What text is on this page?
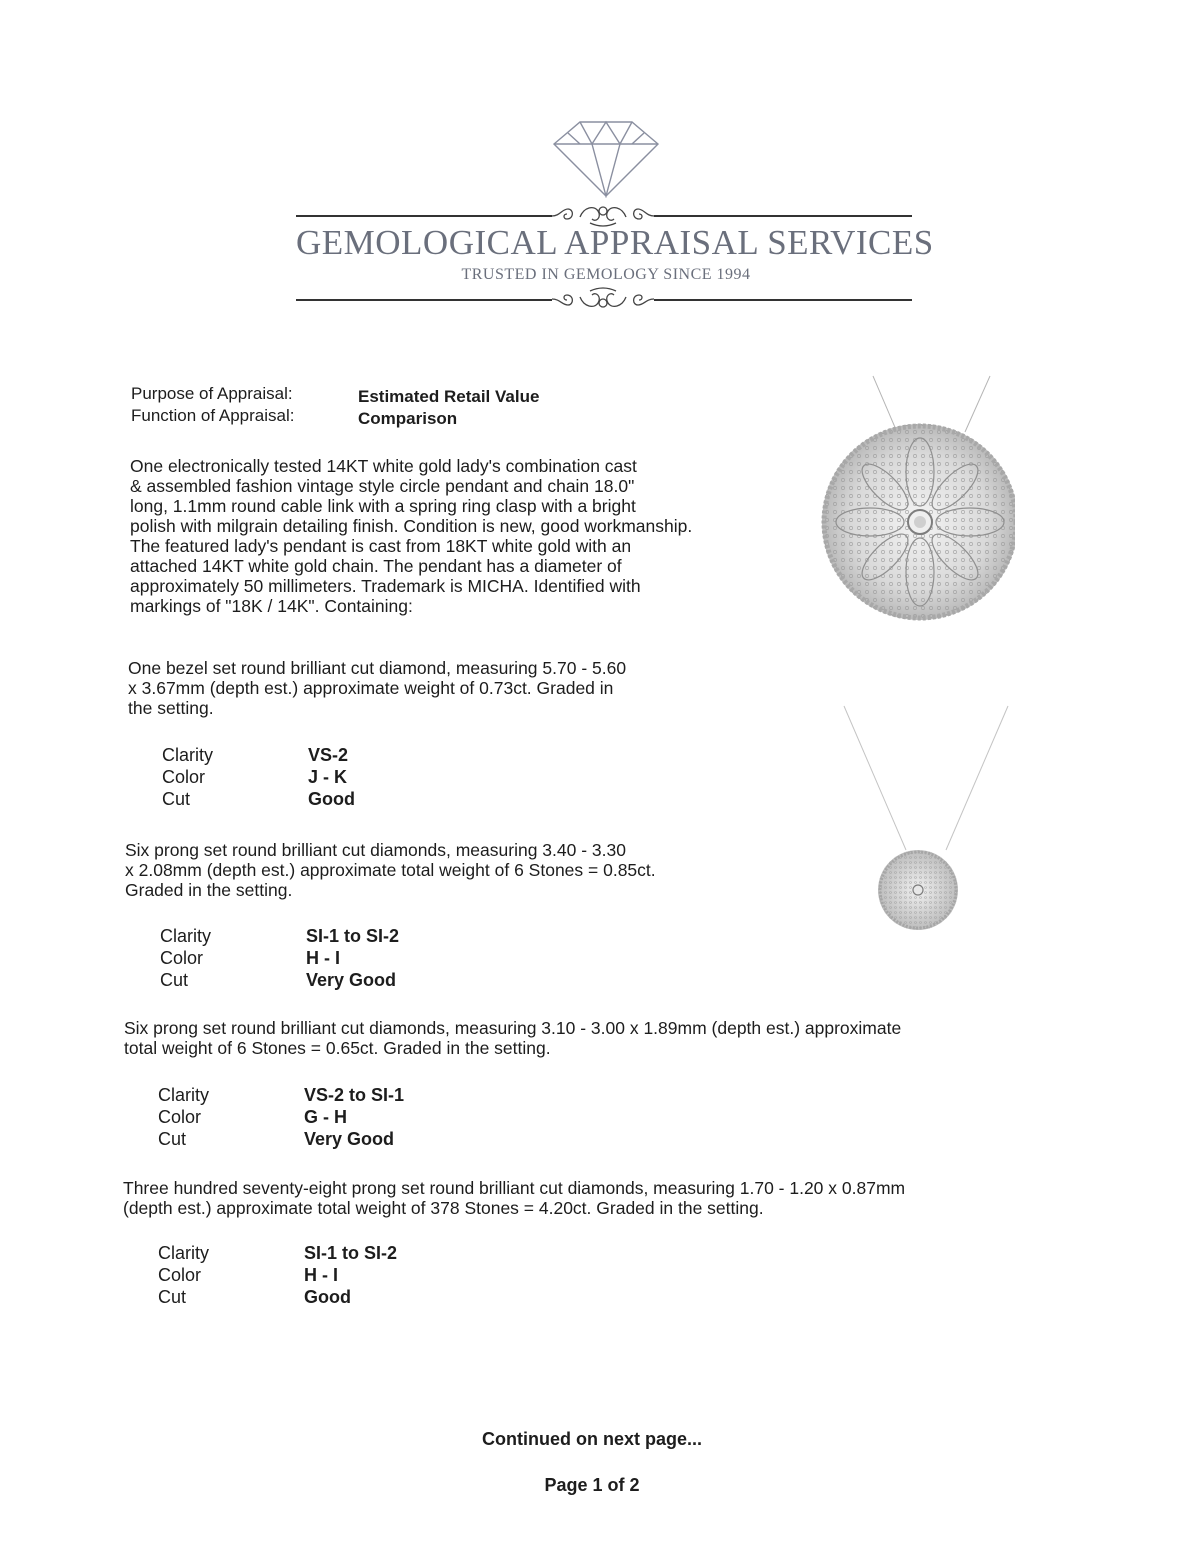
GEMOLOGICAL APPRAISAL SERVICES
TRUSTED IN GEMOLOGY SINCE 1994
Purpose of Appraisal:	Estimated Retail Value
Function of Appraisal:	Comparison

One electronically tested 14KT white gold lady's combination cast

& assembled fashion vintage style circle pendant and chain 18.0"

long, 1.1mm round cable link with a spring ring clasp with a bright

polish with milgrain detailing finish. Condition is new, good workmanship.

The featured lady's pendant is cast from 18KT white gold with an

attached 14KT white gold chain. The pendant has a diameter of

approximately 50 millimeters. Trademark is MICHA. Identified with

markings of "18K / 14K". Containing:

One bezel set round brilliant cut diamond, measuring 5.70 - 5.60

x 3.67mm (depth est.) approximate weight of 0.73ct. Graded in

the setting.

Clarity	VS-2
Color	J - K
Cut	Good

Six prong set round brilliant cut diamonds, measuring 3.40 - 3.30

x 2.08mm (depth est.) approximate total weight of 6 Stones = 0.85ct.

Graded in the setting.

Clarity	SI-1 to SI-2
Color	H - I
Cut	Very Good

Six prong set round brilliant cut diamonds, measuring 3.10 - 3.00 x 1.89mm (depth est.) approximate

total weight of 6 Stones = 0.65ct. Graded in the setting.

Clarity	VS-2 to SI-1
Color	G - H
Cut	Very Good

Three hundred seventy-eight prong set round brilliant cut diamonds, measuring 1.70 - 1.20 x 0.87mm

(depth est.) approximate total weight of 378 Stones = 4.20ct. Graded in the setting.

Clarity	SI-1 to SI-2
Color	H - I
Cut	Good
Continued on next page...
Page 1 of 2
